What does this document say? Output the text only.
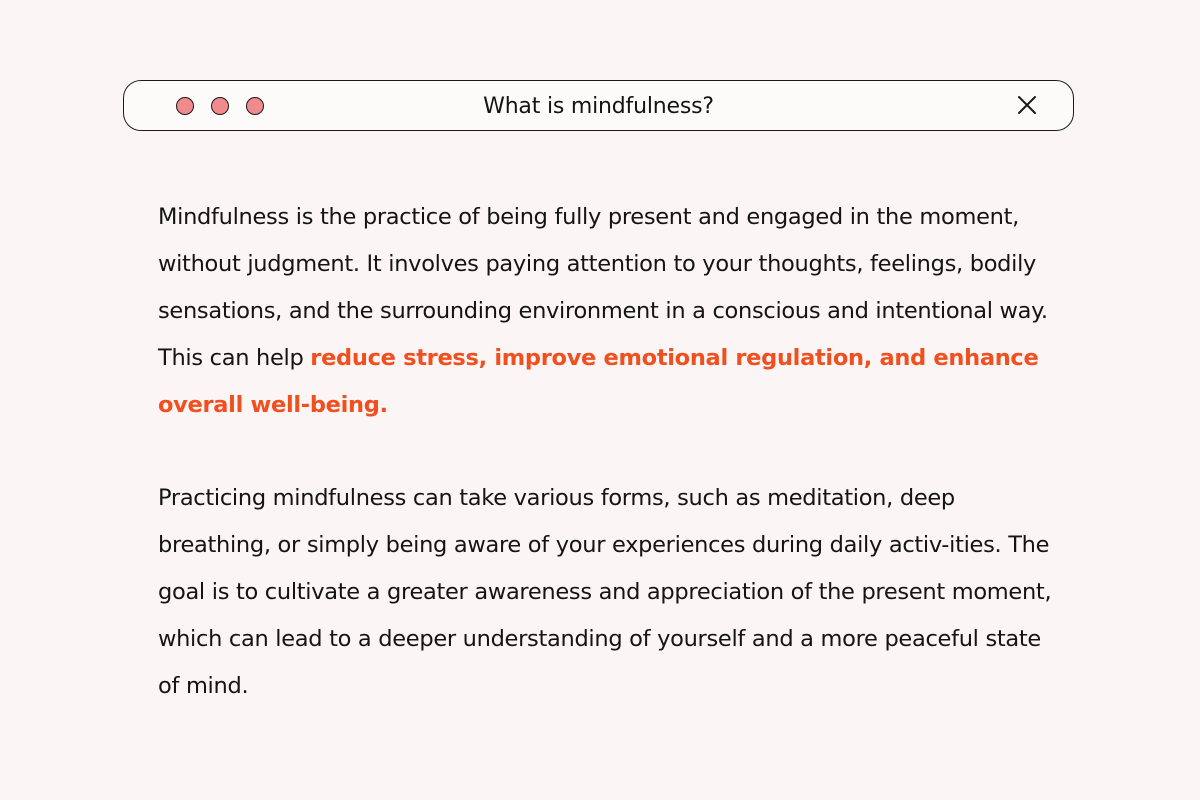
What is mindfulness?

Mindfulness is the practice of being fully present and engaged in the moment, without judgment. It involves paying attention to your thoughts, feelings, bodily sensations, and the surrounding environment in a conscious and intentional way. This can help reduce stress, improve emotional regulation, and enhance overall well-being.

Practicing mindfulness can take various forms, such as meditation, deep breathing, or simply being aware of your experiences during daily activ-ities. The goal is to cultivate a greater awareness and appreciation of the present moment, which can lead to a deeper understanding of yourself and a more peaceful state of mind.
